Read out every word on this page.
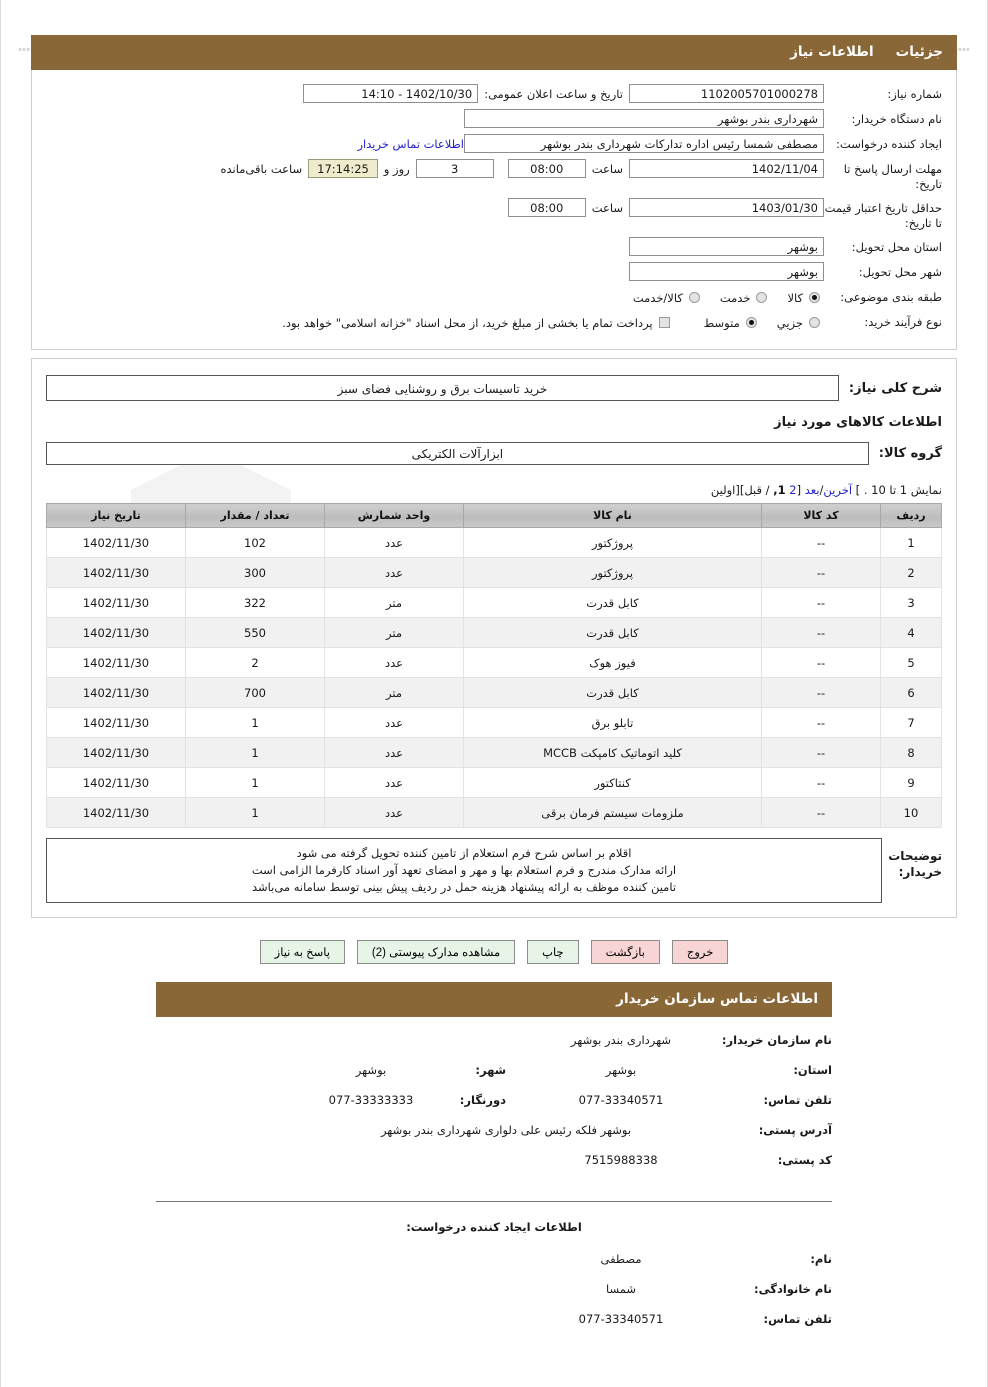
جزئیات
اطلاعات نیاز
شماره نیاز:
1102005701000278
تاریخ و ساعت اعلان عمومی:
1402/10/30 - 14:10
نام دستگاه خریدار:
شهرداری بندر بوشهر
ایجاد کننده درخواست:
مصطفی شمسا رئیس اداره تدارکات شهرداری بندر بوشهر
اطلاعات تماس خریدار
مهلت ارسال پاسخ تا تاریخ:
1402/11/04
ساعت
08:00
3
روز و
17:14:25
ساعت باقی‌مانده
حداقل تاریخ اعتبار قیمت تا تاریخ:
1403/01/30
ساعت
08:00
استان محل تحویل:
بوشهر
شهر محل تحویل:
بوشهر
طبقه بندی موضوعی:
کالا
خدمت
کالا/خدمت
نوع فرآیند خرید:
جزیي
متوسط
پرداخت تمام یا بخشی از مبلغ خرید، از محل اسناد "خزانه اسلامی" خواهد بود.
شرح کلی نیاز:
خرید تاسیسات برق و روشنایی فضای سبز
اطلاعات کالاهای مورد نیاز
گروه کالا:
ابزارآلات الکتریکی
نمایش 1 تا 10 . ] آخرین/بعد [2 1, / قبل][اولین
ردیف	کد کالا	نام کالا	واحد شمارش	تعداد / مقدار	تاریخ نیاز
1	--	پروژکتور	عدد	102	1402/11/30
2	--	پروژکتور	عدد	300	1402/11/30
3	--	کابل قدرت	متر	322	1402/11/30
4	--	کابل قدرت	متر	550	1402/11/30
5	--	فیوز هوک	عدد	2	1402/11/30
6	--	کابل قدرت	متر	700	1402/11/30
7	--	تابلو برق	عدد	1	1402/11/30
8	--	کلید اتوماتیک کامپکت MCCB	عدد	1	1402/11/30
9	--	کنتاکتور	عدد	1	1402/11/30
10	--	ملزومات سیستم فرمان برقی	عدد	1	1402/11/30
توضیحات
خریدار:
اقلام بر اساس شرح فرم استعلام از تامین کننده تحویل گرفته می شود
ارائه مدارک مندرج و فرم استعلام بها و مهر و امضای تعهد آور اسناد کارفرما الزامی است
تامین کننده موظف به ارائه پیشنهاد هزینه حمل در ردیف پیش بینی توسط سامانه می‌باشد
خروج
بازگشت
چاپ
مشاهده مدارک پیوستی (2)
پاسخ به نیاز
اطلاعات تماس سازمان خریدار
نام سازمان خریدار:
شهرداری بندر بوشهر
استان:
بوشهر
شهر:
بوشهر
تلفن تماس:
077-33340571
دورنگار:
077-33333333
آدرس پستی:
بوشهر فلکه رئیس علی دلواری شهرداری بندر بوشهر
کد پستی:
7515988338
اطلاعات ایجاد کننده درخواست:
نام:
مصطفی
نام خانوادگی:
شمسا
تلفن تماس:
077-33340571
